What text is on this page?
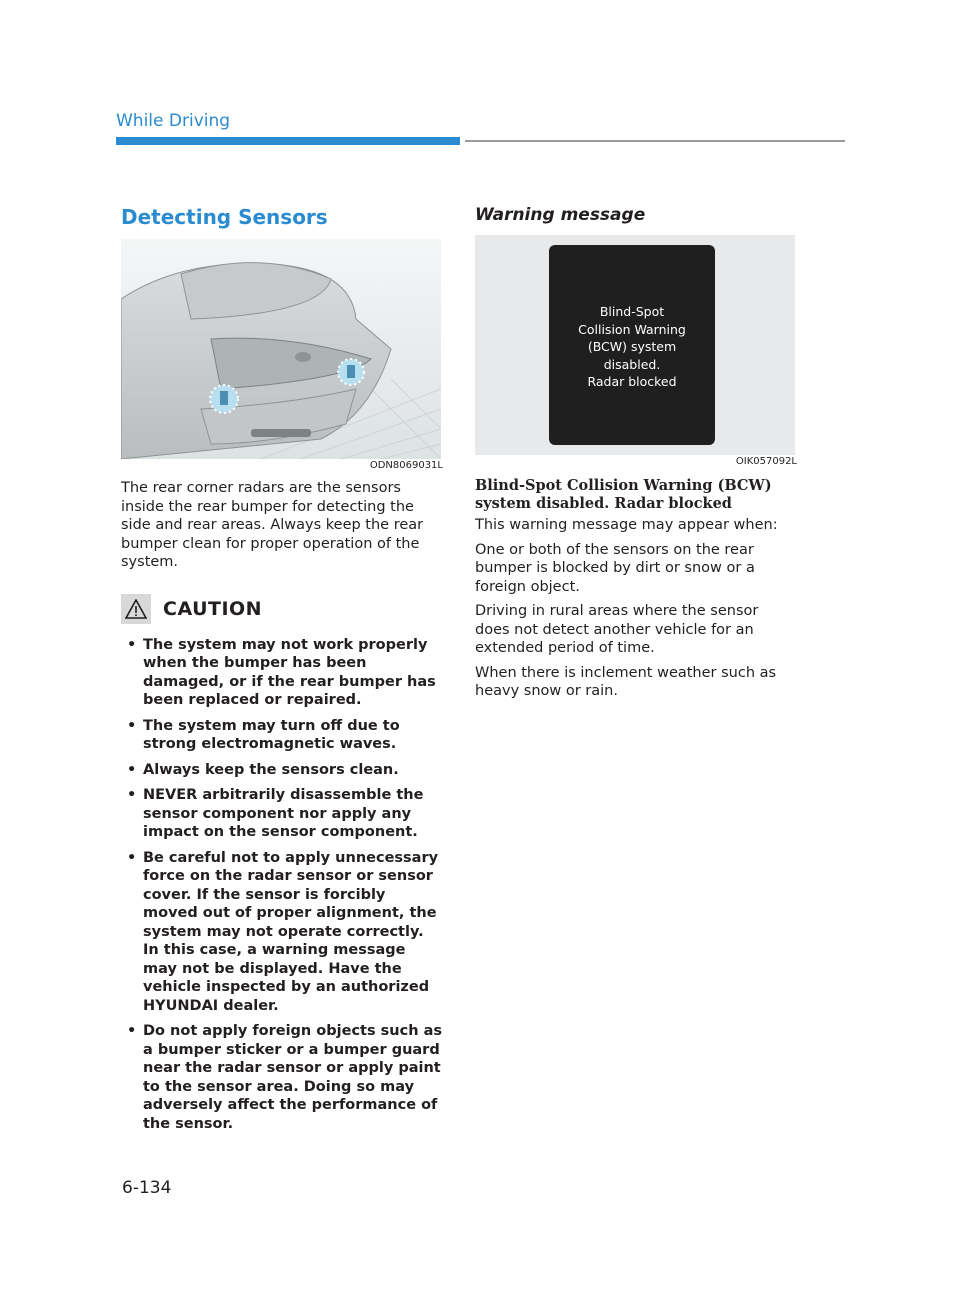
While Driving
Detecting Sensors
ODN8069031L

The rear corner radars are the sensors inside the rear bumper for detecting the side and rear areas. Always keep the rear bumper clean for proper operation of the system.

CAUTION
• The system may not work properly when the bumper has been damaged, or if the rear bumper has been replaced or repaired.
• The system may turn off due to strong electromagnetic waves.
• Always keep the sensors clean.
• NEVER arbitrarily disassemble the sensor component nor apply any impact on the sensor component.
• Be careful not to apply unnecessary force on the radar sensor or sensor cover. If the sensor is forcibly moved out of proper alignment, the system may not operate correctly. In this case, a warning message may not be displayed. Have the vehicle inspected by an authorized HYUNDAI dealer.
• Do not apply foreign objects such as a bumper sticker or a bumper guard near the radar sensor or apply paint to the sensor area. Doing so may adversely affect the performance of the sensor.
Warning message
Blind-Spot
Collision Warning
(BCW) system
disabled.
Radar blocked
OIK057092L
Blind-Spot Collision Warning (BCW) system disabled. Radar blocked

This warning message may appear when:

One or both of the sensors on the rear bumper is blocked by dirt or snow or a foreign object.

Driving in rural areas where the sensor does not detect another vehicle for an extended period of time.

When there is inclement weather such as heavy snow or rain.

6-134
